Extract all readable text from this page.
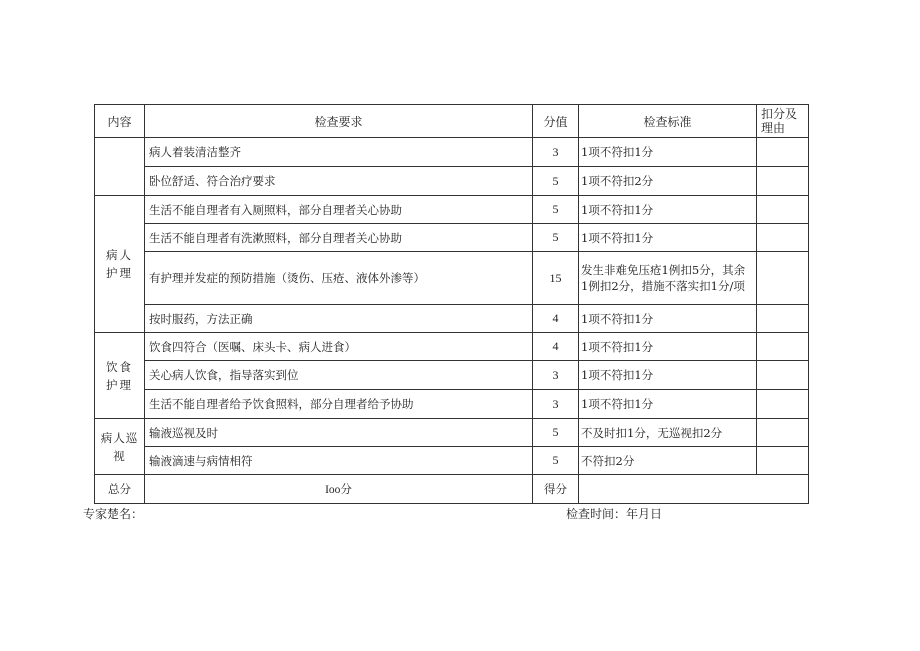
内容	检查要求	分值	检查标准	扣分及理由
	病人着装清洁整齐	3	1项不符扣1分	
	卧位舒适、符合治疗要求	5	1项不符扣2分	

病人护理	生活不能自理者有入厕照料，部分自理者关心协助	5	1项不符扣1分	
	生活不能自理者有洗漱照料，部分自理者关心协助	5	1项不符扣1分	
	有护理并发症的预防措施（烫伤、压疮、液体外渗等）	15	发生非难免压疮1例扣5分，其余1例扣2分，措施不落实扣1分/项	
	按时服药，方法正确	4	1项不符扣1分	

饮食护理	饮食四符合（医嘱、床头卡、病人进食）	4	1项不符扣1分	
	关心病人饮食，指导落实到位	3	1项不符扣1分	
	生活不能自理者给予饮食照料，部分自理者给予协助	3	1项不符扣1分	

病人巡视	输液巡视及时	5	不及时扣1分，无巡视扣2分	
	输液滴速与病情相符	5	不符扣2分	
总分	Ioo分	得分		
专家楚名：	检查时间：年月日
